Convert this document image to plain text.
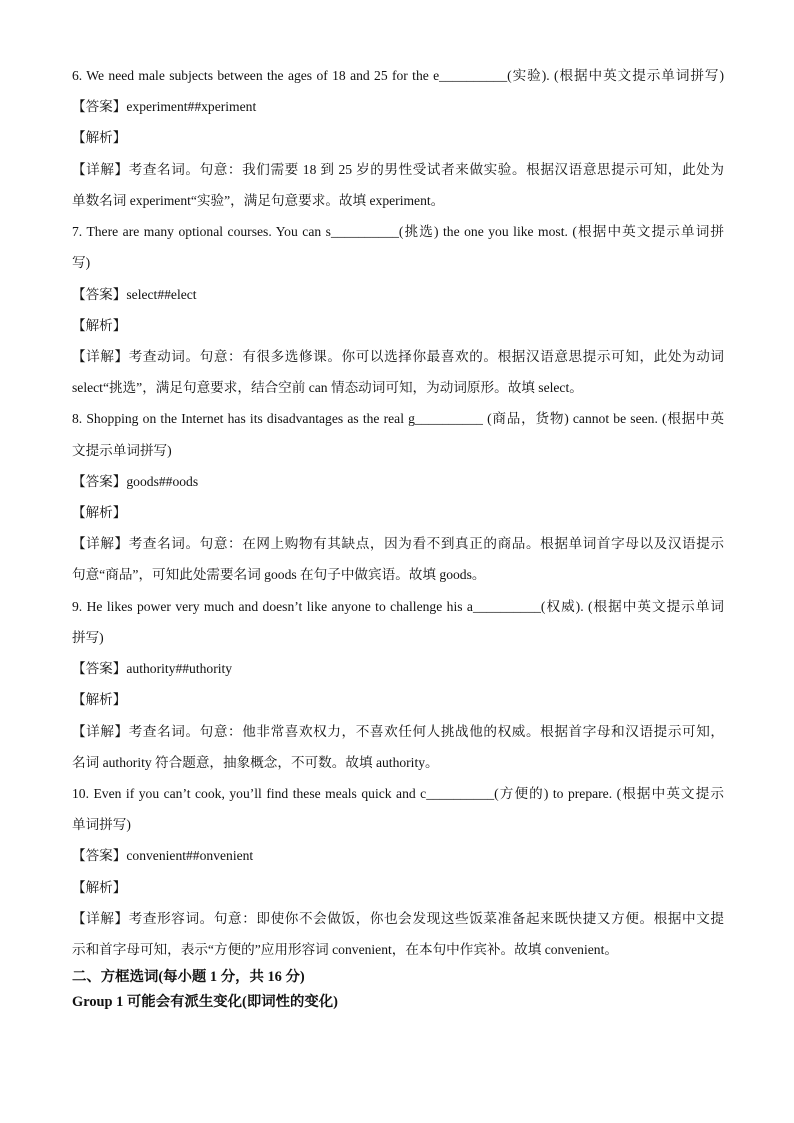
6. We need male subjects between the ages of 18 and 25 for the e__________(实验). (根据中英文提示单词拼写)
【答案】experiment##xperiment
【解析】
【详解】考查名词。句意：我们需要 18 到 25 岁的男性受试者来做实验。根据汉语意思提示可知，此处为
单数名词 experiment“实验”，满足句意要求。故填 experiment。
7. There are many optional courses. You can s__________(挑选) the one you like most. (根据中英文提示单词拼
写)
【答案】select##elect
【解析】
【详解】考查动词。句意：有很多选修课。你可以选择你最喜欢的。根据汉语意思提示可知，此处为动词
select“挑选”，满足句意要求，结合空前 can 情态动词可知，为动词原形。故填 select。
8. Shopping on the Internet has its disadvantages as the real g__________ (商品，货物) cannot be seen. (根据中英
文提示单词拼写)
【答案】goods##oods
【解析】
【详解】考查名词。句意：在网上购物有其缺点，因为看不到真正的商品。根据单词首字母以及汉语提示
句意“商品”，可知此处需要名词 goods 在句子中做宾语。故填 goods。
9. He likes power very much and doesn’t like anyone to challenge his a__________(权威). (根据中英文提示单词
拼写)
【答案】authority##uthority
【解析】
【详解】考查名词。句意：他非常喜欢权力，不喜欢任何人挑战他的权威。根据首字母和汉语提示可知，
名词 authority 符合题意，抽象概念，不可数。故填 authority。
10. Even if you can’t cook, you’ll find these meals quick and c__________(方便的) to prepare. (根据中英文提示
单词拼写)
【答案】convenient##onvenient
【解析】
【详解】考查形容词。句意：即使你不会做饭，你也会发现这些饭菜准备起来既快捷又方便。根据中文提
示和首字母可知，表示“方便的”应用形容词 convenient，在本句中作宾补。故填 convenient。
二、方框选词(每小题 1 分，共 16 分)
Group 1 可能会有派生变化(即词性的变化)
